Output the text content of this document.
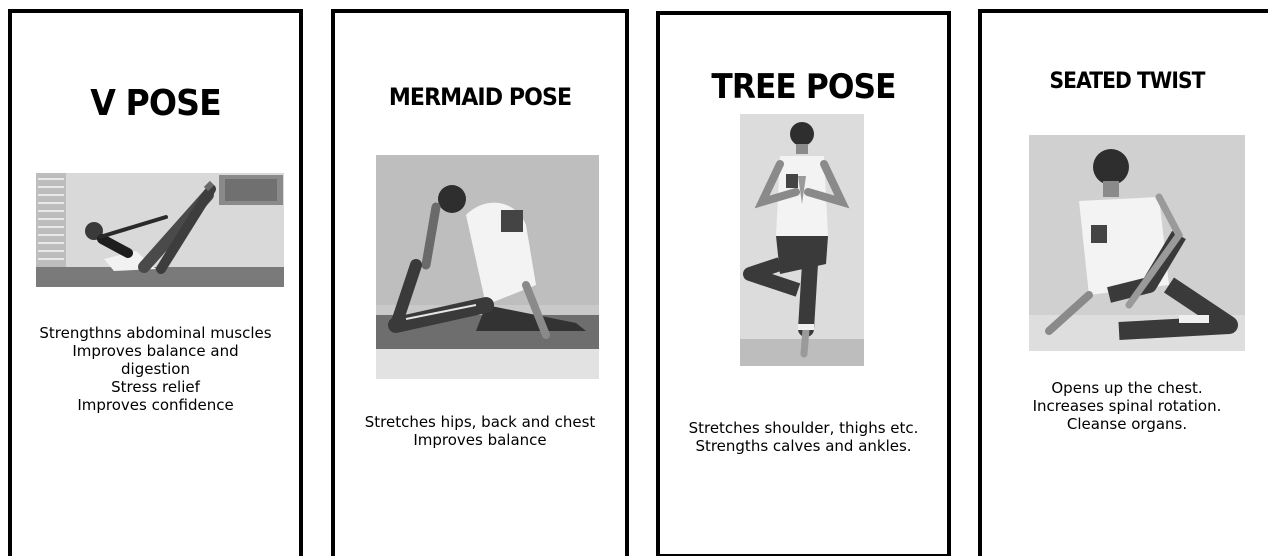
V POSE
Strengthns abdominal muscles
Improves balance and
digestion
Stress relief
Improves confidence
MERMAID POSE
Stretches hips, back and chest
Improves balance
TREE POSE
Stretches shoulder, thighs etc.
Strengths calves and ankles.
SEATED TWIST
Opens up the chest.
Increases spinal rotation.
Cleanse organs.
